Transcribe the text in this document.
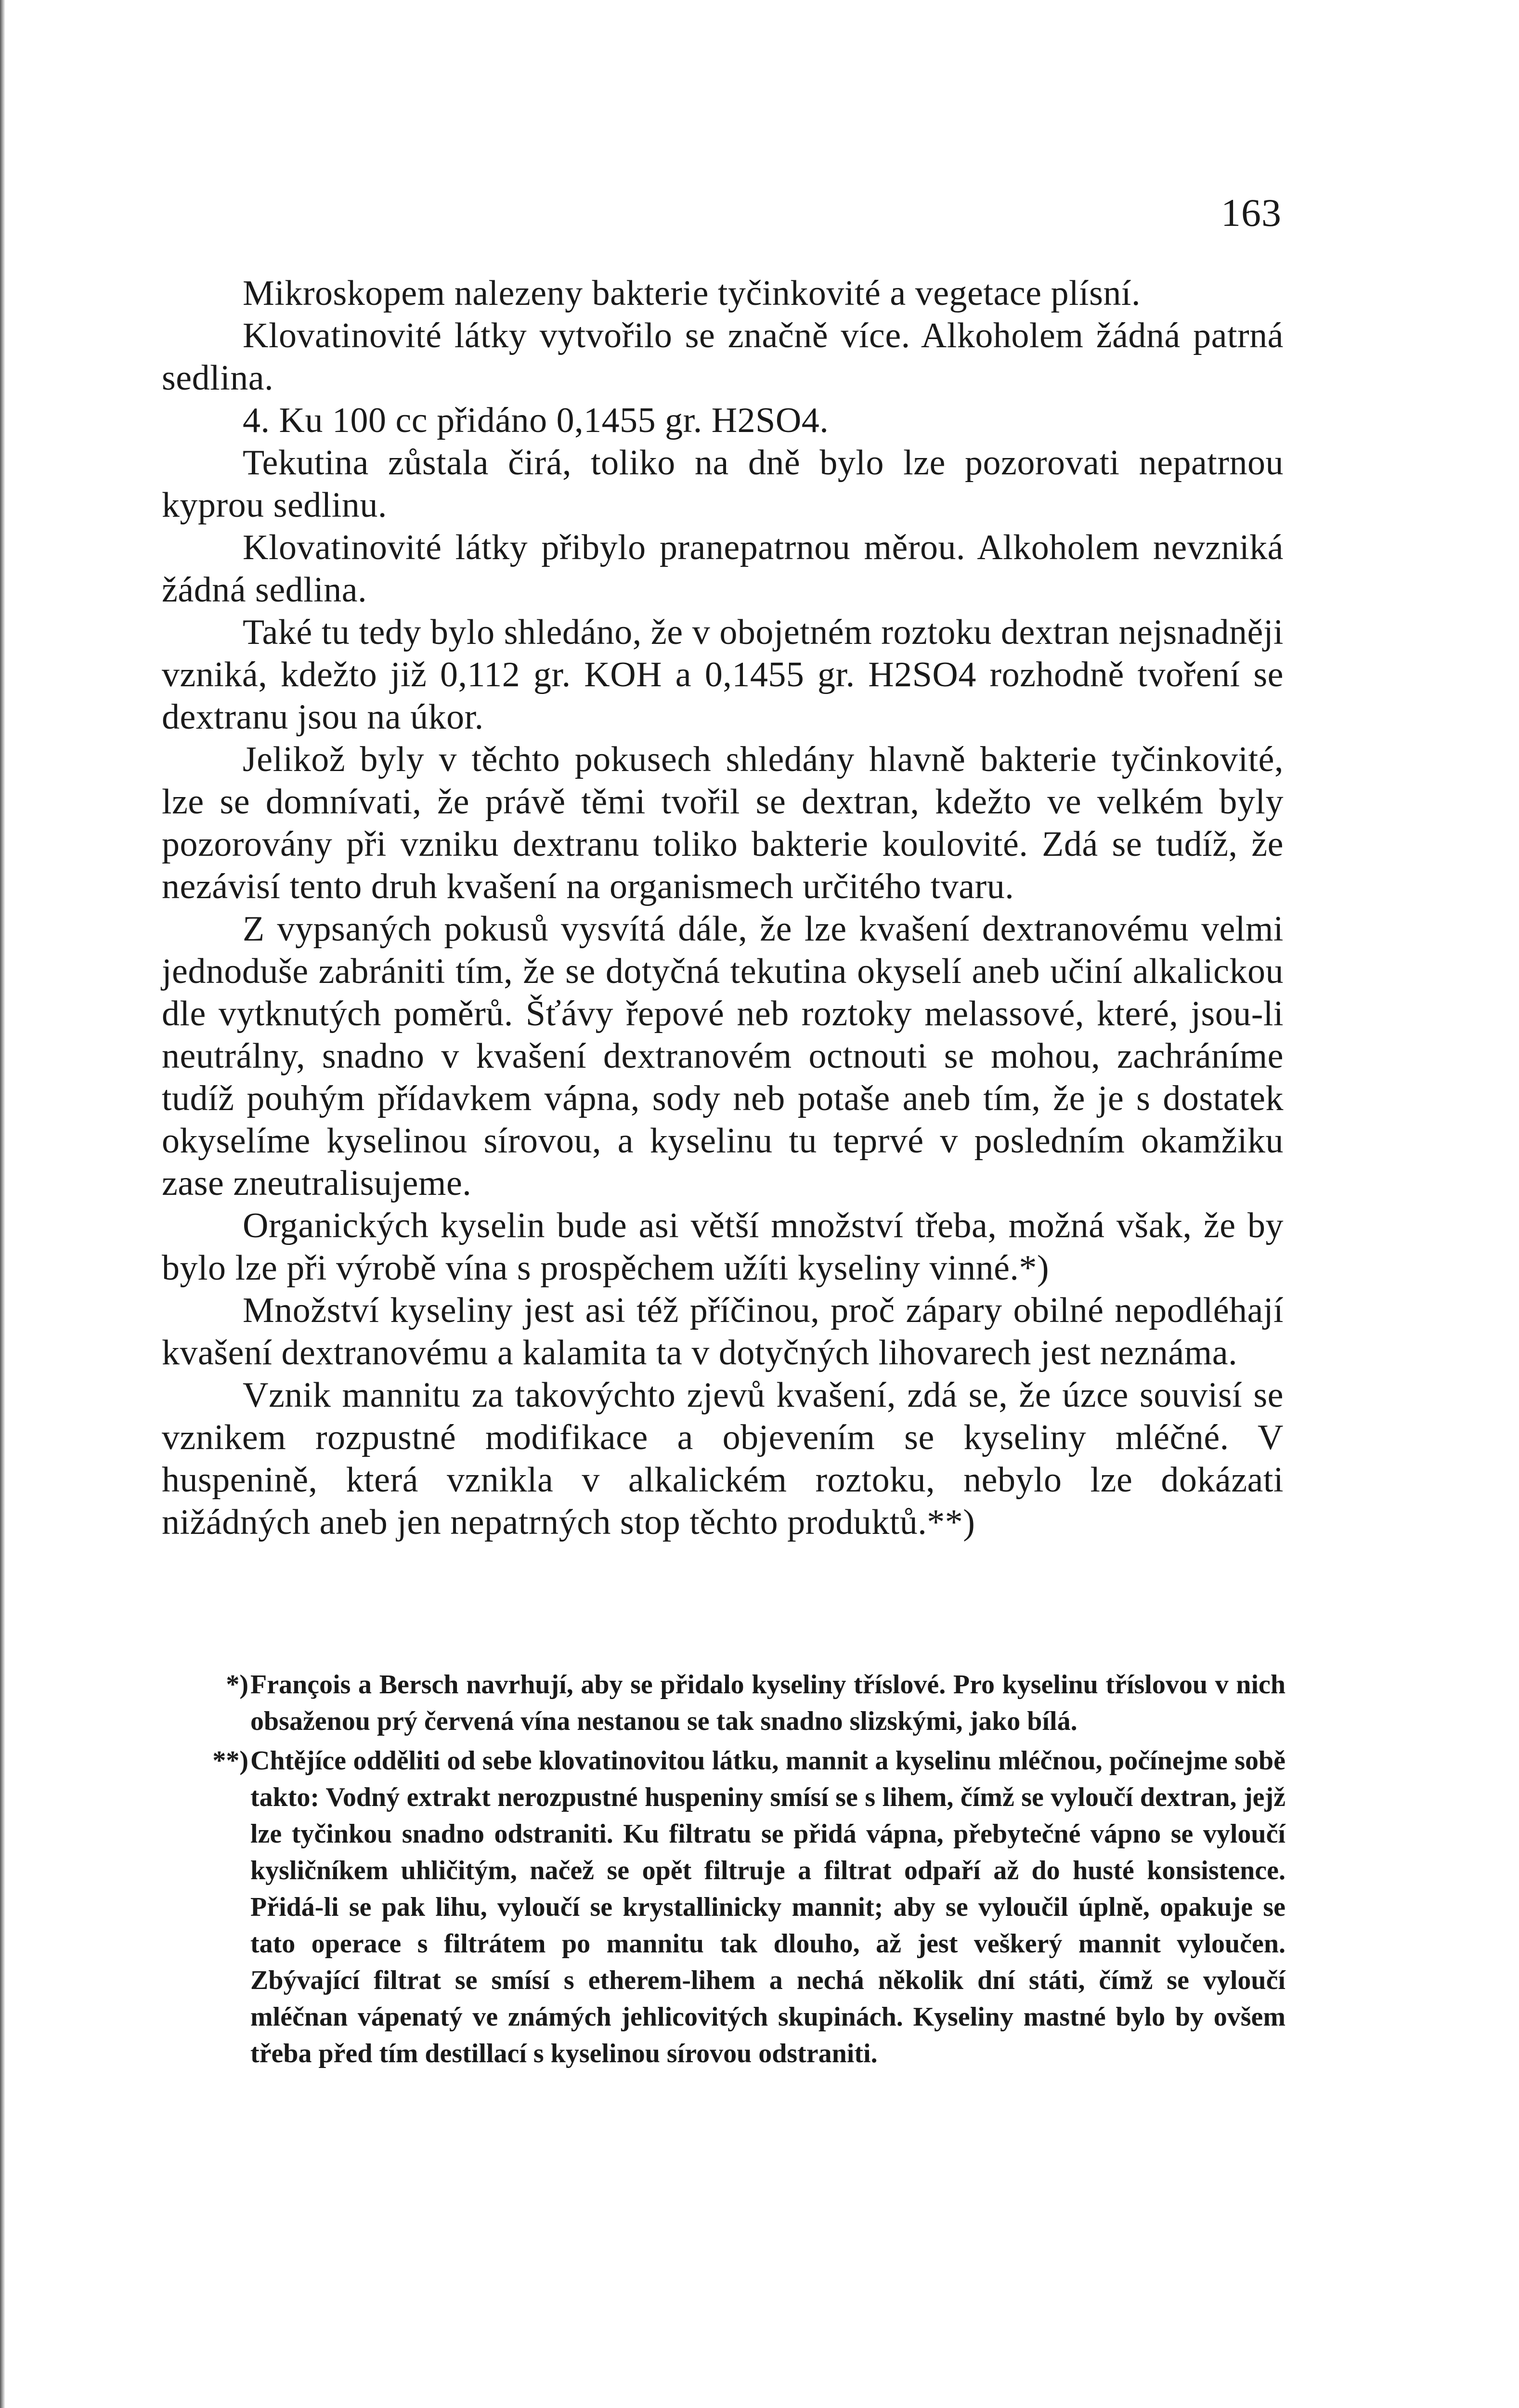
163

Mikroskopem nalezeny bakterie tyčinkovité a vegetace plísní.

Klovatinovité látky vytvořilo se značně více. Alkoholem žádná patrná sedlina.

4. Ku 100 cc přidáno 0,1455 gr. H2SO4.

Tekutina zůstala čirá, toliko na dně bylo lze pozorovati nepatrnou kyprou sedlinu.

Klovatinovité látky přibylo pranepatrnou měrou. Alkoholem nevzniká žádná sedlina.

Také tu tedy bylo shledáno, že v obojetném roztoku dextran nejsnadněji vzniká, kdežto již 0,112 gr. KOH a 0,1455 gr. H2SO4 rozhodně tvoření se dextranu jsou na úkor.

Jelikož byly v těchto pokusech shledány hlavně bakterie tyčinkovité, lze se domnívati, že právě těmi tvořil se dextran, kdežto ve velkém byly pozorovány při vzniku dextranu toliko bakterie koulovité. Zdá se tudíž, že nezávisí tento druh kvašení na organismech určitého tvaru.

Z vypsaných pokusů vysvítá dále, že lze kvašení dextranovému velmi jednoduše zabrániti tím, že se dotyčná tekutina okyselí aneb učiní alkalickou dle vytknutých poměrů. Šťávy řepové neb roztoky melassové, které, jsou-li neutrálny, snadno v kvašení dextranovém octnouti se mohou, zachráníme tudíž pouhým přídavkem vápna, sody neb potaše aneb tím, že je s dostatek okyselíme kyselinou sírovou, a kyselinu tu teprvé v posledním okamžiku zase zneutralisujeme.

Organických kyselin bude asi větší množství třeba, možná však, že by bylo lze při výrobě vína s prospěchem užíti kyseliny vinné.*)

Množství kyseliny jest asi též příčinou, proč zápary obilné nepodléhají kvašení dextranovému a kalamita ta v dotyčných lihovarech jest neznáma.

Vznik mannitu za takovýchto zjevů kvašení, zdá se, že úzce souvisí se vznikem rozpustné modifikace a objevením se kyseliny mléčné. V huspenině, která vznikla v alkalickém roztoku, nebylo lze dokázati nižádných aneb jen nepatrných stop těchto produktů.**)

*) François a Bersch navrhují, aby se přidalo kyseliny tříslové. Pro kyselinu tříslovou v nich obsaženou prý červená vína nestanou se tak snadno slizskými, jako bílá.
**) Chtějíce odděliti od sebe klovatinovitou látku, mannit a kyselinu mléčnou, počínejme sobě takto: Vodný extrakt nerozpustné huspeniny smísí se s lihem, čímž se vyloučí dextran, jejž lze tyčinkou snadno odstraniti. Ku filtratu se přidá vápna, přebytečné vápno se vyloučí kysličníkem uhličitým, načež se opět filtruje a filtrat odpaří až do husté konsistence. Přidá-li se pak lihu, vyloučí se krystallinicky mannit; aby se vyloučil úplně, opakuje se tato operace s filtrátem po mannitu tak dlouho, až jest veškerý mannit vyloučen. Zbývající filtrat se smísí s etherem-lihem a nechá několik dní státi, čímž se vyloučí mléčnan vápenatý ve známých jehlicovitých skupinách. Kyseliny mastné bylo by ovšem třeba před tím destillací s kyselinou sírovou odstraniti.
